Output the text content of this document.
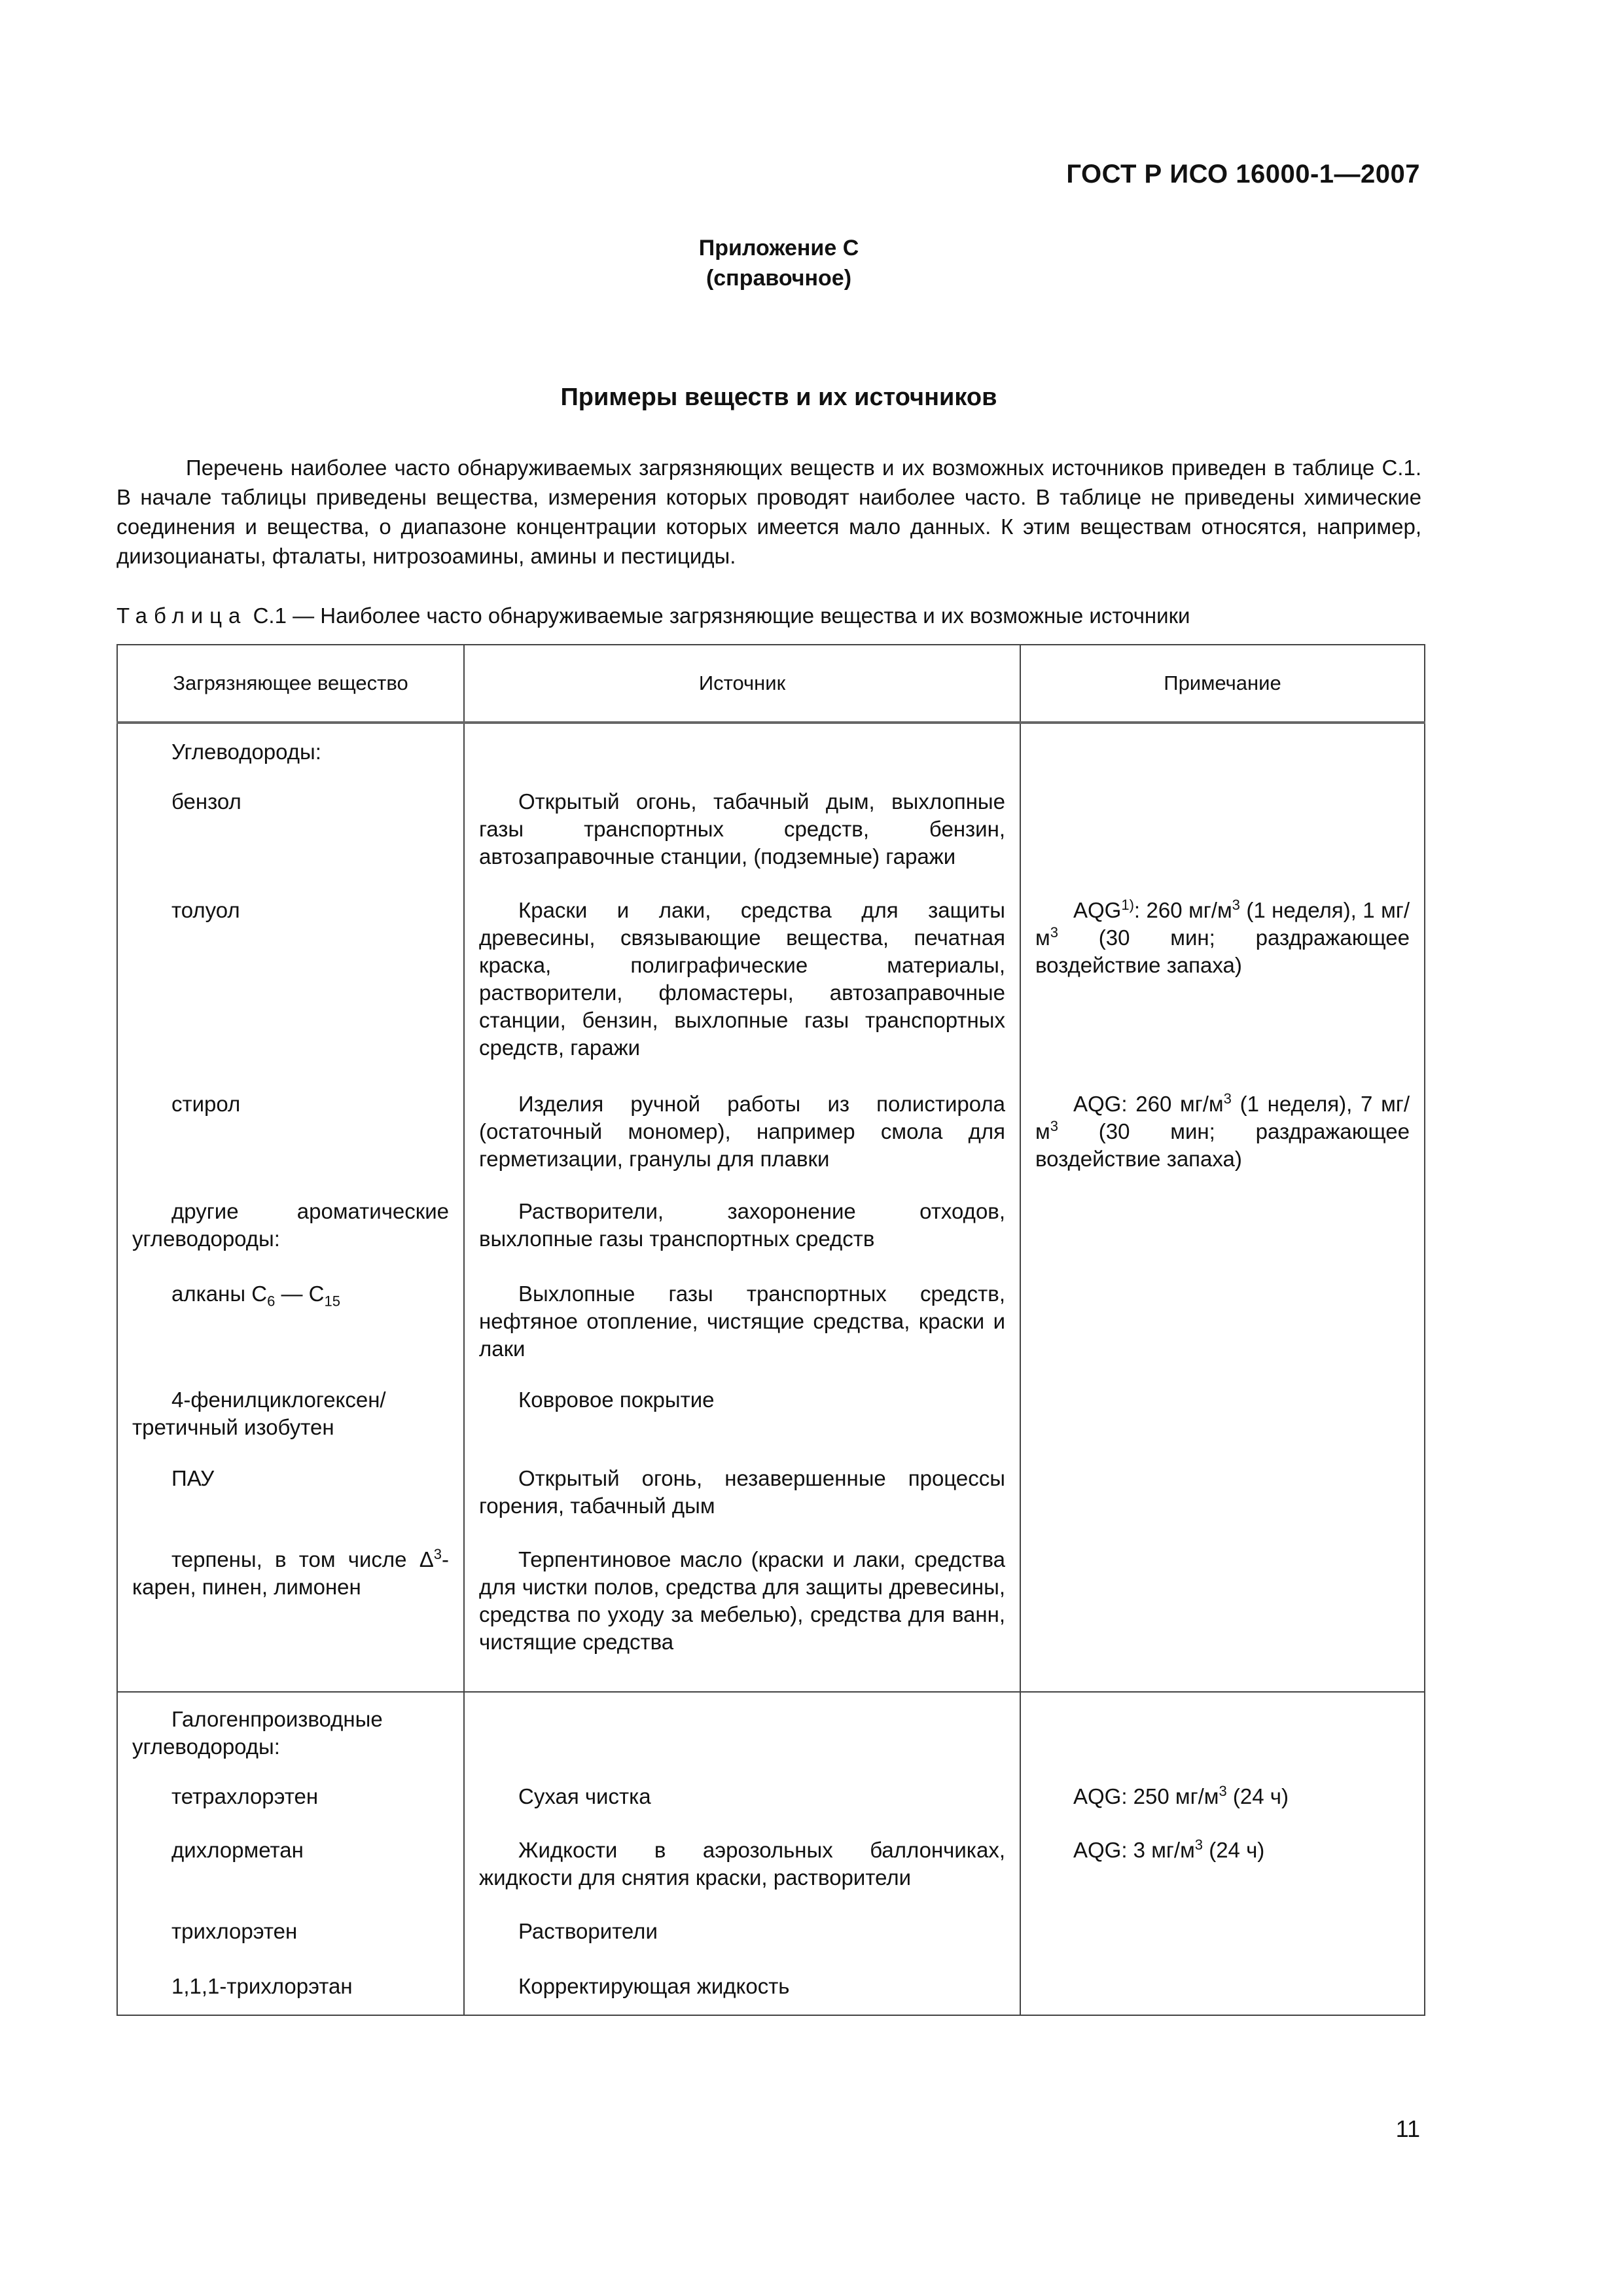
ГОСТ Р ИСО 16000-1—2007
Приложение С
(справочное)
Примеры веществ и их источников

Перечень наиболее часто обнаруживаемых загрязняющих веществ и их возможных источников приведен в таблице С.1. В начале таблицы приведены вещества, измерения которых проводят наиболее часто. В таблице не приведены химические соединения и вещества, о диапазоне концентрации которых имеется мало данных. К этим веществам относятся, например, диизоцианаты, фталаты, нитрозоамины, амины и пестициды.

Таблица С.1 — Наиболее часто обнаруживаемые загрязняющие вещества и их возможные источники
Загрязняющее вещество	Источник	Примечание
Углеводороды:		
бензол	Открытый огонь, табачный дым, выхлопные газы транспортных средств, бензин, автозаправочные станции, (подземные) гаражи	
толуол	Краски и лаки, средства для защиты древесины, связывающие вещества, печатная краска, полиграфические материалы, растворители, фломастеры, автозаправочные станции, бензин, выхлопные газы транспортных средств, гаражи	AQG$^{1)}$: 260 $мг/м^3$ (1 неделя), 1 $мг/м^3$ (30 мин; раздражающее воздействие запаха)
стирол	Изделия ручной работы из полистирола (остаточный мономер), например смола для герметизации, гранулы для плавки	AQG: 260 $мг/м^3$ (1 неделя), 7 $мг/м^3$ (30 мин; раздражающее воздействие запаха)
другие ароматические углеводороды:	Растворители, захоронение отходов, выхлопные газы транспортных средств	
алканы $С_6$ — $С_{15}$	Выхлопные газы транспортных средств, нефтяное отопление, чистящие средства, краски и лаки	
4-фенилциклогексен/ третичный изобутен	Ковровое покрытие	
ПАУ	Открытый огонь, незавершенные процессы горения, табачный дым	
терпены, в том числе $\Delta^3$-карен, пинен, лимонен	Терпентиновое масло (краски и лаки, средства для чистки полов, средства для защиты древесины, средства по уходу за мебелью), средства для ванн, чистящие средства	
Галогенпроизводные углеводороды:		
тетрахлорэтен	Сухая чистка	AQG: 250 $мг/м^3$ (24 ч)
дихлорметан	Жидкости в аэрозольных баллончиках, жидкости для снятия краски, растворители	AQG: 3 $мг/м^3$ (24 ч)
трихлорэтен	Растворители	
1,1,1-трихлорэтан	Корректирующая жидкость	
11
